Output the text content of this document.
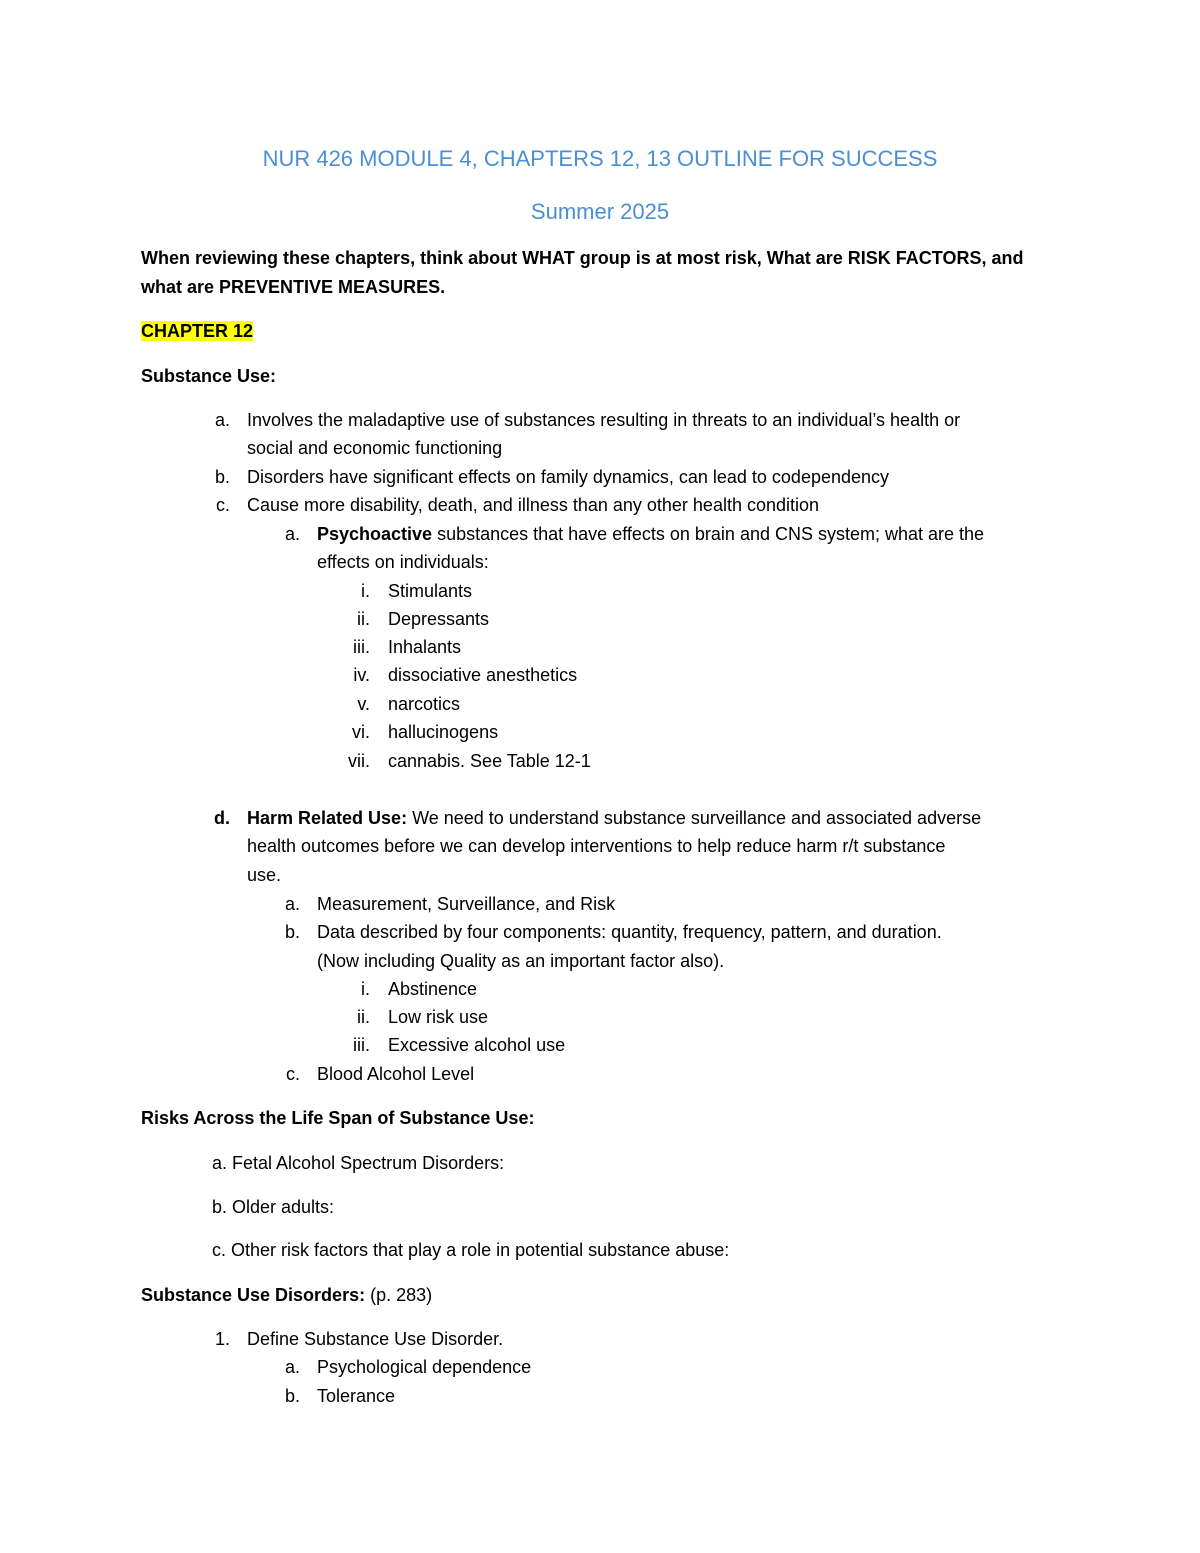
NUR 426 MODULE 4, CHAPTERS 12, 13 OUTLINE FOR SUCCESS
Summer 2025
When reviewing these chapters, think about WHAT group is at most risk, What are RISK FACTORS, and
what are PREVENTIVE MEASURES.
CHAPTER 12
Substance Use:
a. Involves the maladaptive use of substances resulting in threats to an individual’s health or
social and economic functioning
b. Disorders have significant effects on family dynamics, can lead to codependency
c. Cause more disability, death, and illness than any other health condition
a. Psychoactive substances that have effects on brain and CNS system; what are the
effects on individuals:
i. Stimulants
ii. Depressants
iii. Inhalants
iv. dissociative anesthetics
v. narcotics
vi. hallucinogens
vii. cannabis. See Table 12-1
d. Harm Related Use: We need to understand substance surveillance and associated adverse
health outcomes before we can develop interventions to help reduce harm r/t substance
use.
a. Measurement, Surveillance, and Risk
b. Data described by four components: quantity, frequency, pattern, and duration.
(Now including Quality as an important factor also).
i. Abstinence
ii. Low risk use
iii. Excessive alcohol use
c. Blood Alcohol Level
Risks Across the Life Span of Substance Use:
a. Fetal Alcohol Spectrum Disorders:
b. Older adults:
c. Other risk factors that play a role in potential substance abuse:
Substance Use Disorders: (p. 283)
1. Define Substance Use Disorder.
a. Psychological dependence
b. Tolerance
